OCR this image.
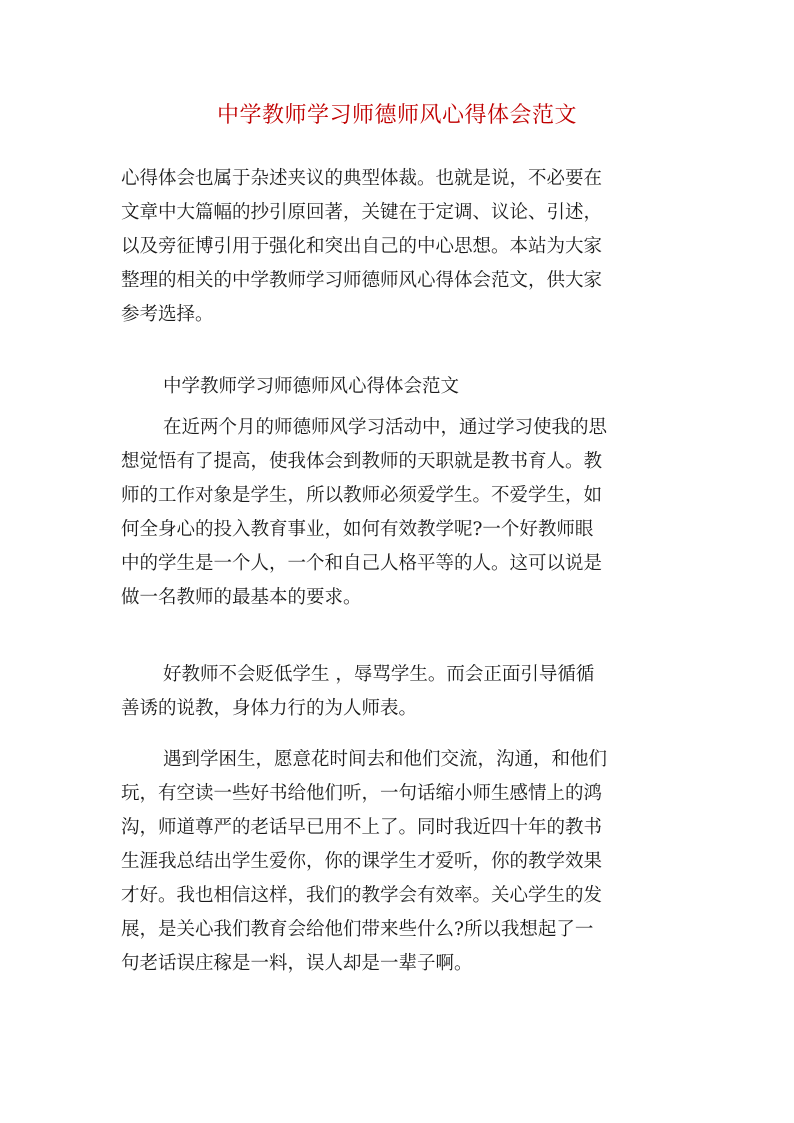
中学教师学习师德师风心得体会范文
心得体会也属于杂述夹议的典型体裁。也就是说，不必要在
文章中大篇幅的抄引原回著，关键在于定调、议论、引述，
以及旁征博引用于强化和突出自己的中心思想。本站为大家
整理的相关的中学教师学习师德师风心得体会范文，供大家
参考选择。
中学教师学习师德师风心得体会范文
在近两个月的师德师风学习活动中，通过学习使我的思
想觉悟有了提高，使我体会到教师的天职就是教书育人。教
师的工作对象是学生，所以教师必须爱学生。不爱学生，如
何全身心的投入教育事业，如何有效教学呢?一个好教师眼
中的学生是一个人，一个和自己人格平等的人。这可以说是
做一名教师的最基本的要求。
好教师不会贬低学生 ，辱骂学生。而会正面引导循循
善诱的说教，身体力行的为人师表。
遇到学困生，愿意花时间去和他们交流，沟通，和他们
玩，有空读一些好书给他们听，一句话缩小师生感情上的鸿
沟，师道尊严的老话早已用不上了。同时我近四十年的教书
生涯我总结出学生爱你，你的课学生才爱听，你的教学效果
才好。我也相信这样，我们的教学会有效率。关心学生的发
展，是关心我们教育会给他们带来些什么?所以我想起了一
句老话误庄稼是一料，误人却是一辈子啊。
